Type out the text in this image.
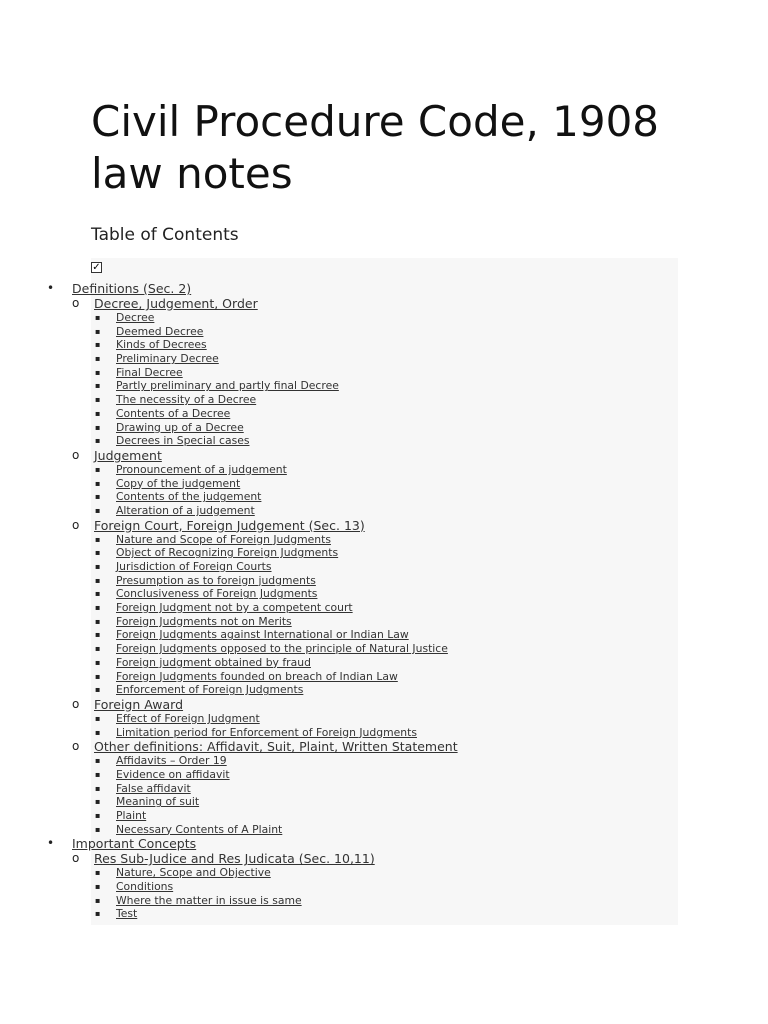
Civil Procedure Code, 1908 law notes
Table of Contents
✓
• Definitions (Sec. 2)
o Decree, Judgement, Order
▪ Decree
▪ Deemed Decree
▪ Kinds of Decrees
▪ Preliminary Decree
▪ Final Decree
▪ Partly preliminary and partly final Decree
▪ The necessity of a Decree
▪ Contents of a Decree
▪ Drawing up of a Decree
▪ Decrees in Special cases
o Judgement
▪ Pronouncement of a judgement
▪ Copy of the judgement
▪ Contents of the judgement
▪ Alteration of a judgement
o Foreign Court, Foreign Judgement (Sec. 13)
▪ Nature and Scope of Foreign Judgments
▪ Object of Recognizing Foreign Judgments
▪ Jurisdiction of Foreign Courts
▪ Presumption as to foreign judgments
▪ Conclusiveness of Foreign Judgments
▪ Foreign Judgment not by a competent court
▪ Foreign Judgments not on Merits
▪ Foreign Judgments against International or Indian Law
▪ Foreign Judgments opposed to the principle of Natural Justice
▪ Foreign judgment obtained by fraud
▪ Foreign Judgments founded on breach of Indian Law
▪ Enforcement of Foreign Judgments
o Foreign Award
▪ Effect of Foreign Judgment
▪ Limitation period for Enforcement of Foreign Judgments
o Other definitions: Affidavit, Suit, Plaint, Written Statement
▪ Affidavits – Order 19
▪ Evidence on affidavit
▪ False affidavit
▪ Meaning of suit
▪ Plaint
▪ Necessary Contents of A Plaint
• Important Concepts
o Res Sub-Judice and Res Judicata (Sec. 10,11)
▪ Nature, Scope and Objective
▪ Conditions
▪ Where the matter in issue is same
▪ Test
